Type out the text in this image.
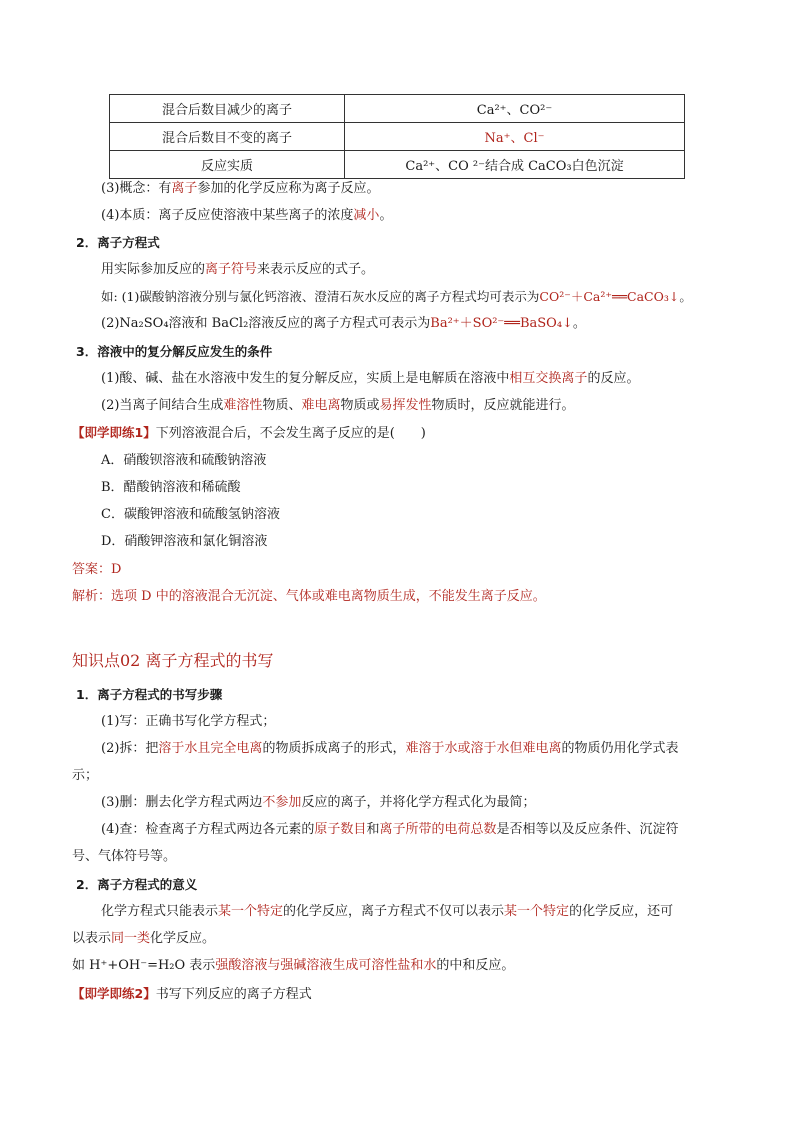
混合后数目减少的离子	Ca²⁺、CO²⁻
混合后数目不变的离子	Na⁺、Cl⁻
反应实质	Ca²⁺、CO ²⁻结合成 CaCO₃白色沉淀
(3)概念：有离子参加的化学反应称为离子反应。
(4)本质：离子反应使溶液中某些离子的浓度减小。
2．离子方程式
用实际参加反应的离子符号来表示反应的式子。
如: (1)碳酸钠溶液分别与氯化钙溶液、澄清石灰水反应的离子方程式均可表示为CO²⁻＋Ca²⁺══CaCO₃↓。
(2)Na₂SO₄溶液和 BaCl₂溶液反应的离子方程式可表示为Ba²⁺＋SO²⁻══BaSO₄↓。
3．溶液中的复分解反应发生的条件
(1)酸、碱、盐在水溶液中发生的复分解反应，实质上是电解质在溶液中相互交换离子的反应。
(2)当离子间结合生成难溶性物质、难电离物质或易挥发性物质时，反应就能进行。
【即学即练1】下列溶液混合后，不会发生离子反应的是(　　)
A．硝酸钡溶液和硫酸钠溶液
B．醋酸钠溶液和稀硫酸
C．碳酸钾溶液和硫酸氢钠溶液
D．硝酸钾溶液和氯化铜溶液
答案：D
解析：选项 D 中的溶液混合无沉淀、气体或难电离物质生成，不能发生离子反应。
知识点02 离子方程式的书写
1．离子方程式的书写步骤
(1)写：正确书写化学方程式；
(2)拆：把溶于水且完全电离的物质拆成离子的形式，难溶于水或溶于水但难电离的物质仍用化学式表
示；
(3)删：删去化学方程式两边不参加反应的离子，并将化学方程式化为最简；
(4)查：检查离子方程式两边各元素的原子数目和离子所带的电荷总数是否相等以及反应条件、沉淀符
号、气体符号等。
2．离子方程式的意义
化学方程式只能表示某一个特定的化学反应，离子方程式不仅可以表示某一个特定的化学反应，还可
以表示同一类化学反应。
如 H⁺+OH⁻=H₂O 表示强酸溶液与强碱溶液生成可溶性盐和水的中和反应。
【即学即练2】书写下列反应的离子方程式
